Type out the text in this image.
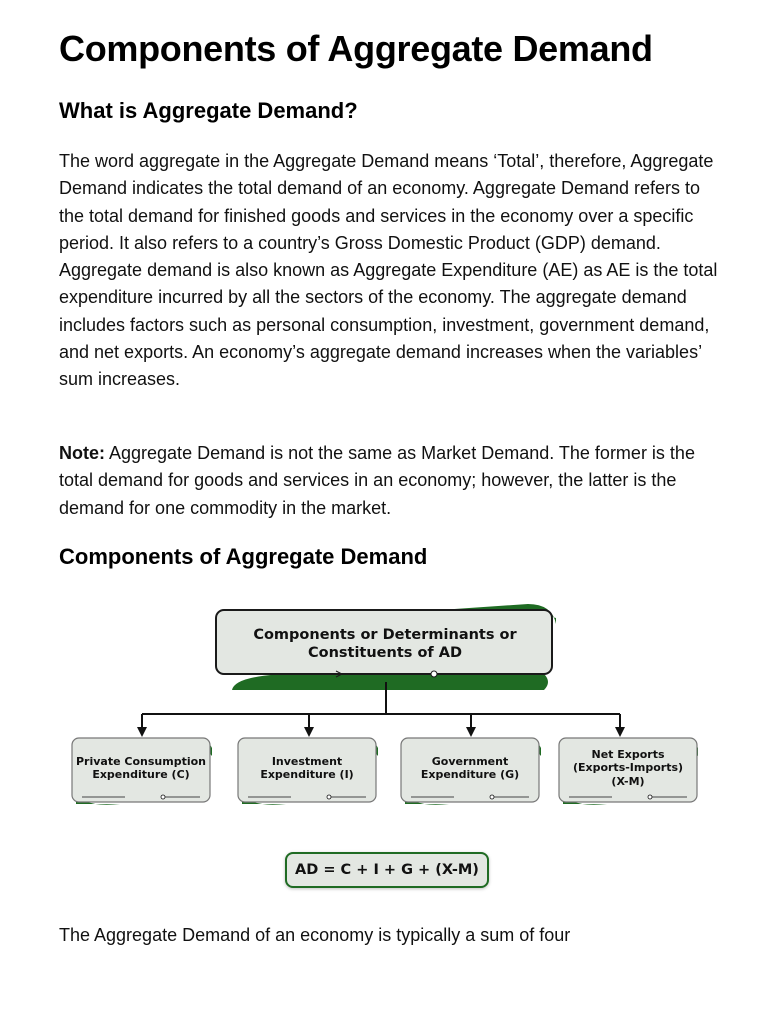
Components of Aggregate Demand
What is Aggregate Demand?

The word aggregate in the Aggregate Demand means ‘Total’, therefore, Aggregate Demand indicates the total demand of an economy. Aggregate Demand refers to the total demand for finished goods and services in the economy over a specific period. It also refers to a country’s Gross Domestic Product (GDP) demand. Aggregate demand is also known as Aggregate Expenditure (AE) as AE is the total expenditure incurred by all the sectors of the economy. The aggregate demand includes factors such as personal consumption, investment, government demand, and net exports. An economy’s aggregate demand increases when the variables’ sum increases.

Note: Aggregate Demand is not the same as Market Demand. The former is the total demand for goods and services in an economy; however, the latter is the demand for one commodity in the market.

Components of Aggregate Demand
Components or Determinants or Constituents of AD
Private Consumption Expenditure (C)
Investment Expenditure (I)
Government Expenditure (G)
Net Exports (Exports-Imports) (X-M)
AD = C + I + G + (X-M)

The Aggregate Demand of an economy is typically a sum of four
